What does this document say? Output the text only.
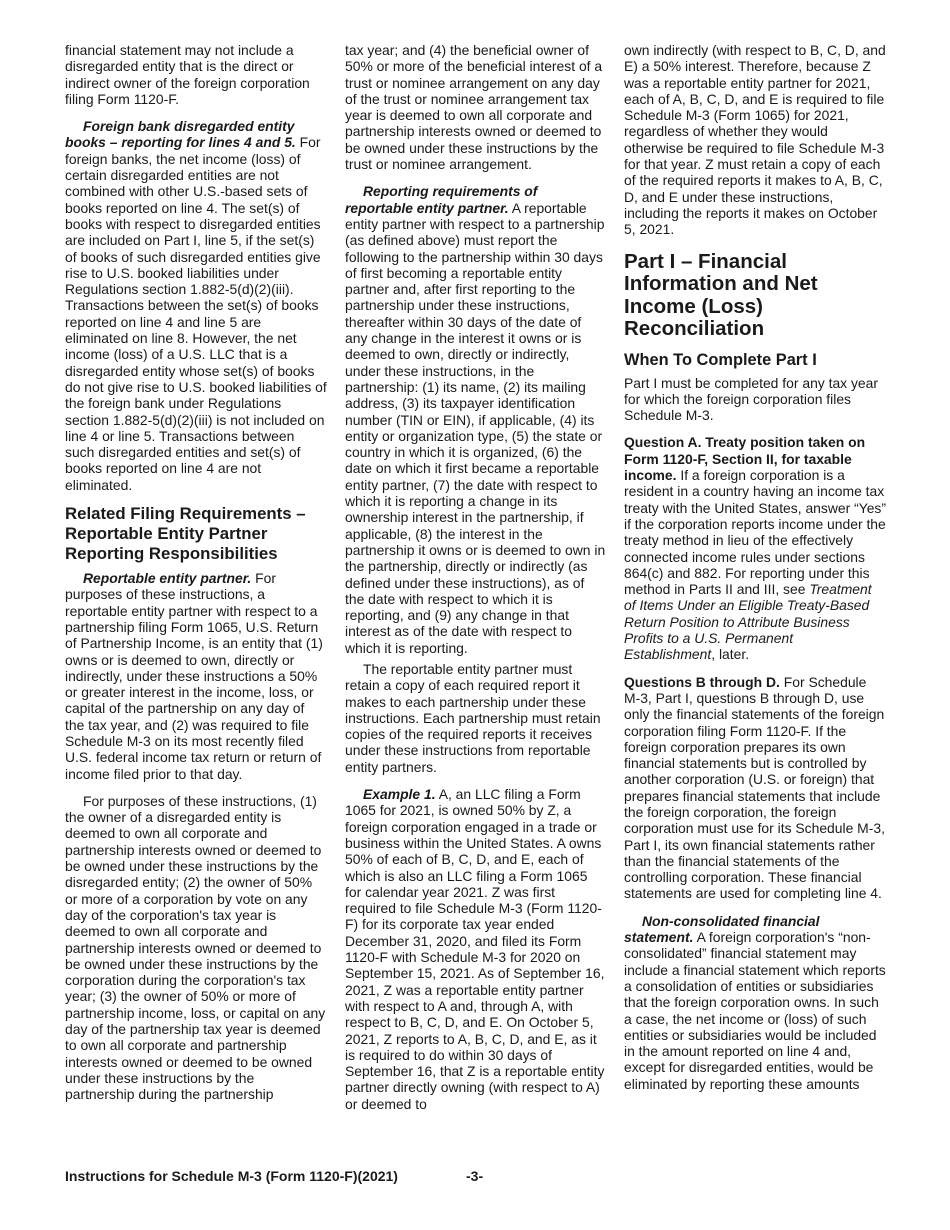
financial statement may not include a disregarded entity that is the direct or indirect owner of the foreign corporation filing Form 1120-F.

Foreign bank disregarded entity books – reporting for lines 4 and 5. For foreign banks, the net income (loss) of certain disregarded entities are not combined with other U.S.-based sets of books reported on line 4. The set(s) of books with respect to disregarded entities are included on Part I, line 5, if the set(s) of books of such disregarded entities give rise to U.S. booked liabilities under Regulations section 1.882-5(d)(2)(iii). Transactions between the set(s) of books reported on line 4 and line 5 are eliminated on line 8. However, the net income (loss) of a U.S. LLC that is a disregarded entity whose set(s) of books do not give rise to U.S. booked liabilities of the foreign bank under Regulations section 1.882-5(d)(2)(iii) is not included on line 4 or line 5. Transactions between such disregarded entities and set(s) of books reported on line 4 are not eliminated.

Related Filing Requirements – Reportable Entity Partner Reporting Responsibilities

Reportable entity partner. For purposes of these instructions, a reportable entity partner with respect to a partnership filing Form 1065, U.S. Return of Partnership Income, is an entity that (1) owns or is deemed to own, directly or indirectly, under these instructions a 50% or greater interest in the income, loss, or capital of the partnership on any day of the tax year, and (2) was required to file Schedule M-3 on its most recently filed U.S. federal income tax return or return of income filed prior to that day.

For purposes of these instructions, (1) the owner of a disregarded entity is deemed to own all corporate and partnership interests owned or deemed to be owned under these instructions by the disregarded entity; (2) the owner of 50% or more of a corporation by vote on any day of the corporation's tax year is deemed to own all corporate and partnership interests owned or deemed to be owned under these instructions by the corporation during the corporation's tax year; (3) the owner of 50% or more of partnership income, loss, or capital on any day of the partnership tax year is deemed to own all corporate and partnership interests owned or deemed to be owned under these instructions by the partnership during the partnership

tax year; and (4) the beneficial owner of 50% or more of the beneficial interest of a trust or nominee arrangement on any day of the trust or nominee arrangement tax year is deemed to own all corporate and partnership interests owned or deemed to be owned under these instructions by the trust or nominee arrangement.

Reporting requirements of reportable entity partner. A reportable entity partner with respect to a partnership (as defined above) must report the following to the partnership within 30 days of first becoming a reportable entity partner and, after first reporting to the partnership under these instructions, thereafter within 30 days of the date of any change in the interest it owns or is deemed to own, directly or indirectly, under these instructions, in the partnership: (1) its name, (2) its mailing address, (3) its taxpayer identification number (TIN or EIN), if applicable, (4) its entity or organization type, (5) the state or country in which it is organized, (6) the date on which it first became a reportable entity partner, (7) the date with respect to which it is reporting a change in its ownership interest in the partnership, if applicable, (8) the interest in the partnership it owns or is deemed to own in the partnership, directly or indirectly (as defined under these instructions), as of the date with respect to which it is reporting, and (9) any change in that interest as of the date with respect to which it is reporting.

The reportable entity partner must retain a copy of each required report it makes to each partnership under these instructions. Each partnership must retain copies of the required reports it receives under these instructions from reportable entity partners.

Example 1. A, an LLC filing a Form 1065 for 2021, is owned 50% by Z, a foreign corporation engaged in a trade or business within the United States. A owns 50% of each of B, C, D, and E, each of which is also an LLC filing a Form 1065 for calendar year 2021. Z was first required to file Schedule M-3 (Form 1120-F) for its corporate tax year ended December 31, 2020, and filed its Form 1120-F with Schedule M-3 for 2020 on September 15, 2021. As of September 16, 2021, Z was a reportable entity partner with respect to A and, through A, with respect to B, C, D, and E. On October 5, 2021, Z reports to A, B, C, D, and E, as it is required to do within 30 days of September 16, that Z is a reportable entity partner directly owning (with respect to A) or deemed to

own indirectly (with respect to B, C, D, and E) a 50% interest. Therefore, because Z was a reportable entity partner for 2021, each of A, B, C, D, and E is required to file Schedule M-3 (Form 1065) for 2021, regardless of whether they would otherwise be required to file Schedule M-3 for that year. Z must retain a copy of each of the required reports it makes to A, B, C, D, and E under these instructions, including the reports it makes on October 5, 2021.

Part I – Financial Information and Net Income (Loss) Reconciliation
When To Complete Part I

Part I must be completed for any tax year for which the foreign corporation files Schedule M-3.

Question A. Treaty position taken on Form 1120-F, Section II, for taxable income. If a foreign corporation is a resident in a country having an income tax treaty with the United States, answer “Yes” if the corporation reports income under the treaty method in lieu of the effectively connected income rules under sections 864(c) and 882. For reporting under this method in Parts II and III, see Treatment of Items Under an Eligible Treaty-Based Return Position to Attribute Business Profits to a U.S. Permanent Establishment, later.

Questions B through D. For Schedule M-3, Part I, questions B through D, use only the financial statements of the foreign corporation filing Form 1120-F. If the foreign corporation prepares its own financial statements but is controlled by another corporation (U.S. or foreign) that prepares financial statements that include the foreign corporation, the foreign corporation must use for its Schedule M-3, Part I, its own financial statements rather than the financial statements of the controlling corporation. These financial statements are used for completing line 4.

Non-consolidated financial statement. A foreign corporation's “non-consolidated” financial statement may include a financial statement which reports a consolidation of entities or subsidiaries that the foreign corporation owns. In such a case, the net income or (loss) of such entities or subsidiaries would be included in the amount reported on line 4 and, except for disregarded entities, would be eliminated by reporting these amounts

Instructions for Schedule M-3 (Form 1120-F)(2021)	-3-
